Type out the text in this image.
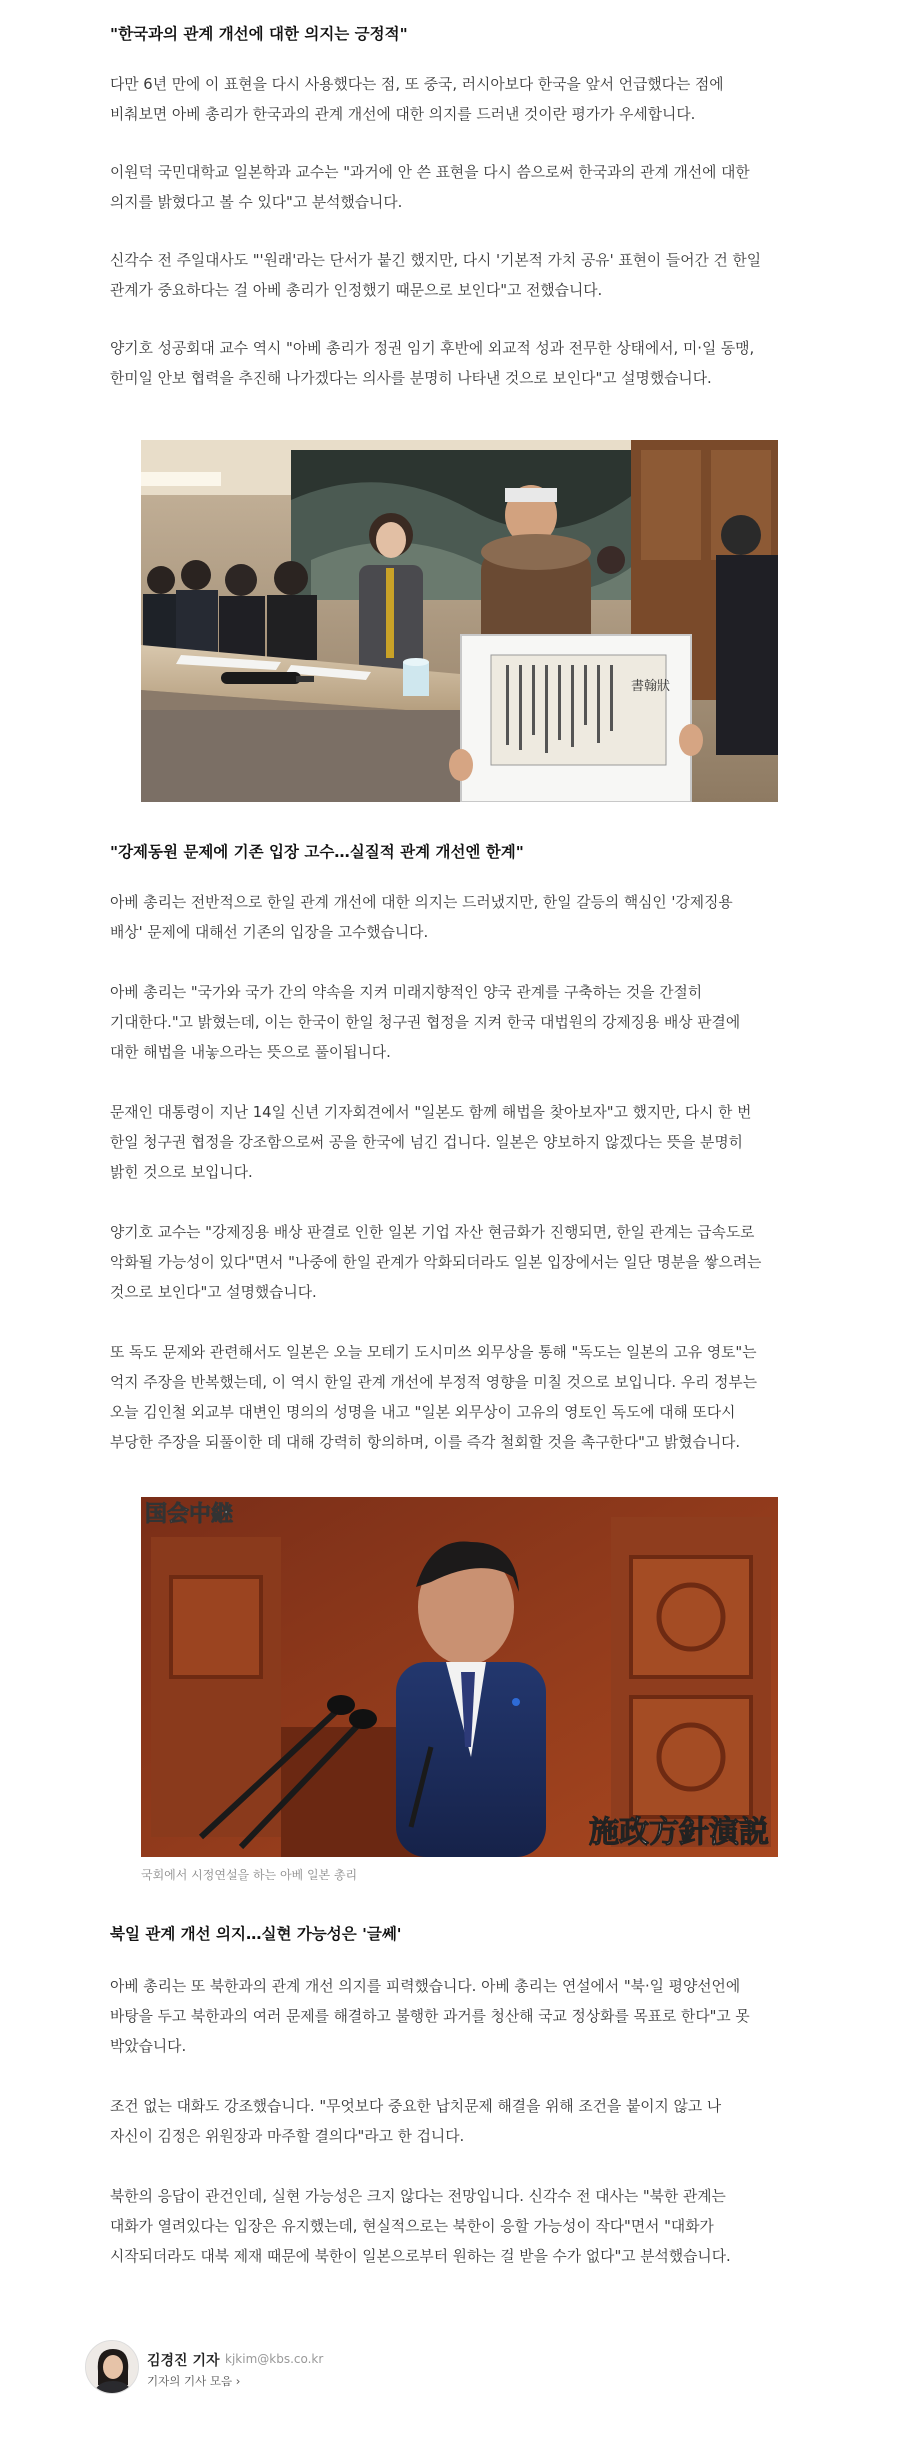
"한국과의 관계 개선에 대한 의지는 긍정적"
다만 6년 만에 이 표현을 다시 사용했다는 점, 또 중국, 러시아보다 한국을 앞서 언급했다는 점에
비춰보면 아베 총리가 한국과의 관계 개선에 대한 의지를 드러낸 것이란 평가가 우세합니다.
이원덕 국민대학교 일본학과 교수는 "과거에 안 쓴 표현을 다시 씀으로써 한국과의 관계 개선에 대한
의지를 밝혔다고 볼 수 있다"고 분석했습니다.
신각수 전 주일대사도 "'원래'라는 단서가 붙긴 했지만, 다시 '기본적 가치 공유' 표현이 들어간 건 한일
관계가 중요하다는 걸 아베 총리가 인정했기 때문으로 보인다"고 전했습니다.
양기호 성공회대 교수 역시 "아베 총리가 정권 임기 후반에 외교적 성과 전무한 상태에서, 미·일 동맹,
한미일 안보 협력을 추진해 나가겠다는 의사를 분명히 나타낸 것으로 보인다"고 설명했습니다.
書翰狀
"강제동원 문제에 기존 입장 고수…실질적 관계 개선엔 한계"
아베 총리는 전반적으로 한일 관계 개선에 대한 의지는 드러냈지만, 한일 갈등의 핵심인 '강제징용
배상' 문제에 대해선 기존의 입장을 고수했습니다.
아베 총리는 "국가와 국가 간의 약속을 지켜 미래지향적인 양국 관계를 구축하는 것을 간절히
기대한다."고 밝혔는데, 이는 한국이 한일 청구권 협정을 지켜 한국 대법원의 강제징용 배상 판결에
대한 해법을 내놓으라는 뜻으로 풀이됩니다.
문재인 대통령이 지난 14일 신년 기자회견에서 "일본도 함께 해법을 찾아보자"고 했지만, 다시 한 번
한일 청구권 협정을 강조함으로써 공을 한국에 넘긴 겁니다. 일본은 양보하지 않겠다는 뜻을 분명히
밝힌 것으로 보입니다.
양기호 교수는 "강제징용 배상 판결로 인한 일본 기업 자산 현금화가 진행되면, 한일 관계는 급속도로
악화될 가능성이 있다"면서 "나중에 한일 관계가 악화되더라도 일본 입장에서는 일단 명분을 쌓으려는
것으로 보인다"고 설명했습니다.
또 독도 문제와 관련해서도 일본은 오늘 모테기 도시미쓰 외무상을 통해 "독도는 일본의 고유 영토"는
억지 주장을 반복했는데, 이 역시 한일 관계 개선에 부정적 영향을 미칠 것으로 보입니다. 우리 정부는
오늘 김인철 외교부 대변인 명의의 성명을 내고 "일본 외무상이 고유의 영토인 독도에 대해 또다시
부당한 주장을 되풀이한 데 대해 강력히 항의하며, 이를 즉각 철회할 것을 촉구한다"고 밝혔습니다.
国会中継
施政方針演説
국회에서 시정연설을 하는 아베 일본 총리
북일 관계 개선 의지…실현 가능성은 '글쎄'
아베 총리는 또 북한과의 관계 개선 의지를 피력했습니다. 아베 총리는 연설에서 "북·일 평양선언에
바탕을 두고 북한과의 여러 문제를 해결하고 불행한 과거를 청산해 국교 정상화를 목표로 한다"고 못
박았습니다.
조건 없는 대화도 강조했습니다. "무엇보다 중요한 납치문제 해결을 위해 조건을 붙이지 않고 나
자신이 김정은 위원장과 마주할 결의다"라고 한 겁니다.
북한의 응답이 관건인데, 실현 가능성은 크지 않다는 전망입니다. 신각수 전 대사는 "북한 관계는
대화가 열려있다는 입장은 유지했는데, 현실적으로는 북한이 응할 가능성이 작다"면서 "대화가
시작되더라도 대북 제재 때문에 북한이 일본으로부터 원하는 걸 받을 수가 없다"고 분석했습니다.
김경진 기자 kjkim@kbs.co.kr
기자의 기사 모음 ›
